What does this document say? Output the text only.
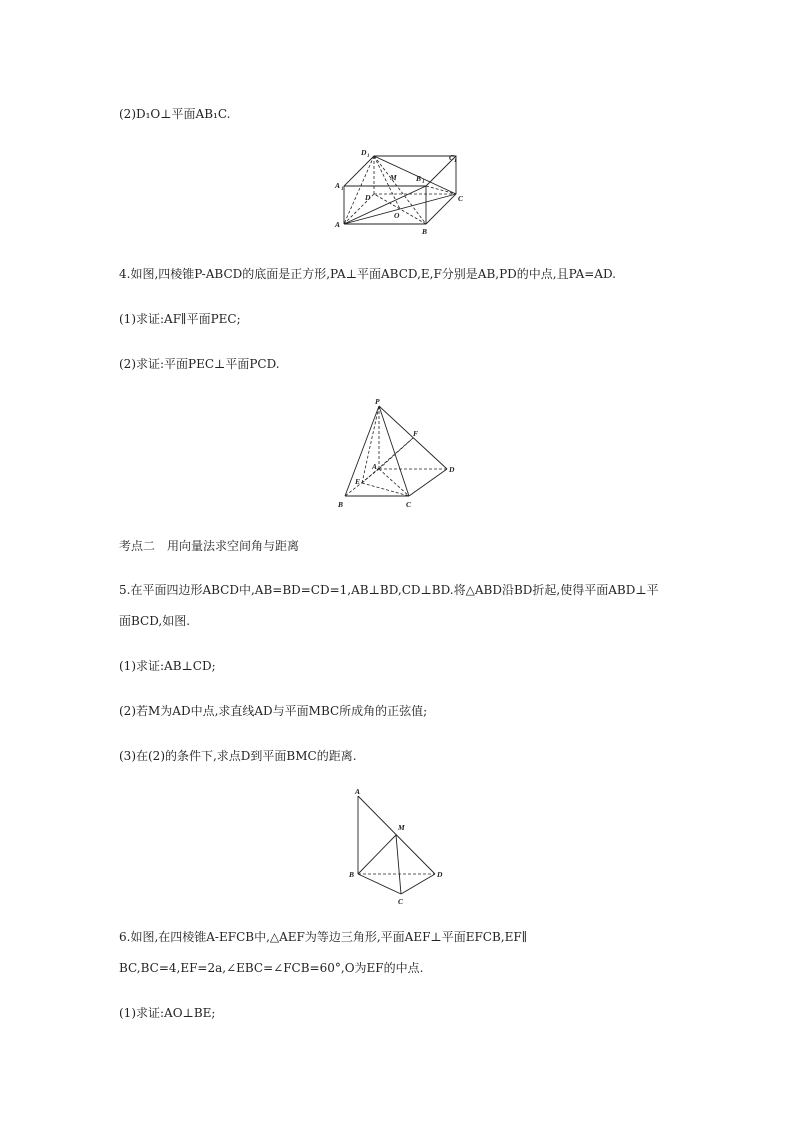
(2)D₁O⊥平面AB₁C.
D 1	C 1
A 1
M	B 1
D	C
O
A
B
4.如图,四棱锥P-ABCD的底面是正方形,PA⊥平面ABCD,E,F分别是AB,PD的中点,且PA=AD.
(1)求证:AF∥平面PEC;
(2)求证:平面PEC⊥平面PCD.
P
F
A	D
E
B	C
考点二　用向量法求空间角与距离
5.在平面四边形ABCD中,AB=BD=CD=1,AB⊥BD,CD⊥BD.将△ABD沿BD折起,使得平面ABD⊥平
面BCD,如图.
(1)求证:AB⊥CD;
(2)若M为AD中点,求直线AD与平面MBC所成角的正弦值;
(3)在(2)的条件下,求点D到平面BMC的距离.
A
M
B	D
C
6.如图,在四棱锥A-EFCB中,△AEF为等边三角形,平面AEF⊥平面EFCB,EF∥
BC,BC=4,EF=2a,∠EBC=∠FCB=60°,O为EF的中点.
(1)求证:AO⊥BE;
